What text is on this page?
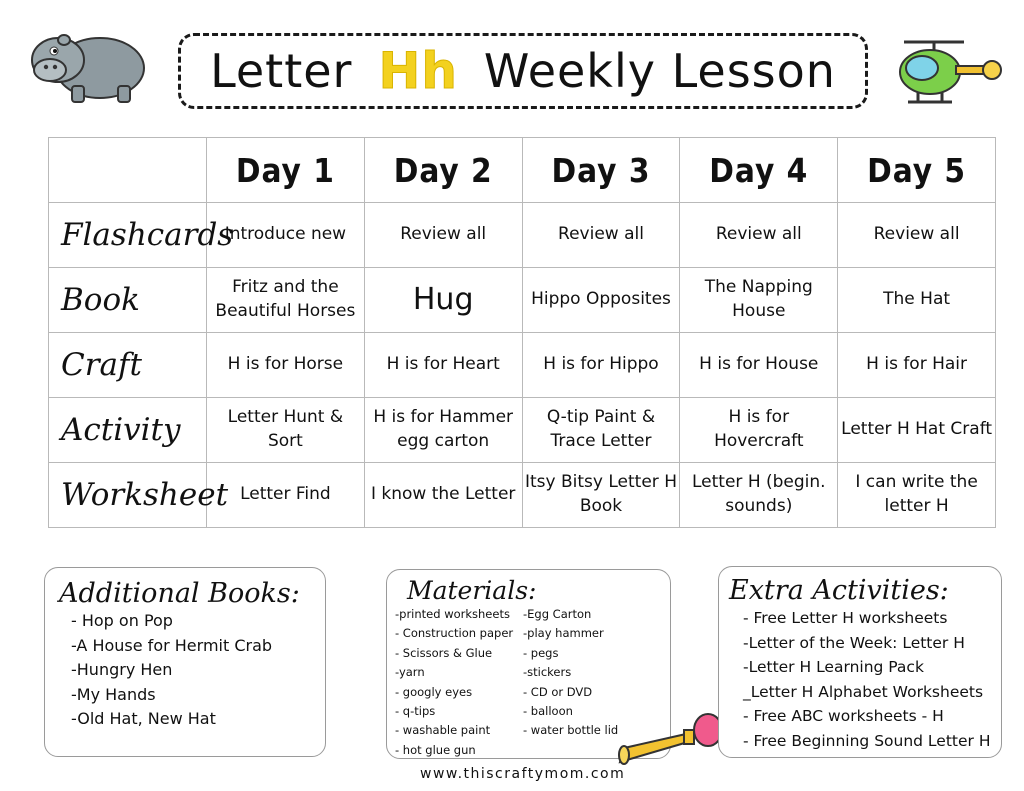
Letter Hh Weekly Lesson
	Day 1	Day 2	Day 3	Day 4	Day 5
Flashcards	Introduce new	Review all	Review all	Review all	Review all
Book	Fritz and the Beautiful Horses	Hug	Hippo Opposites	The Napping House	The Hat
Craft	H is for Horse	H is for Heart	H is for Hippo	H is for House	H is for Hair
Activity	Letter Hunt & Sort	H is for Hammer egg carton	Q-tip Paint & Trace Letter	H is for Hovercraft	Letter H Hat Craft
Worksheet	Letter Find	I know the Letter	Itsy Bitsy Letter H Book	Letter H (begin. sounds)	I can write the letter H
Additional Books:
- Hop on Pop
-A House for Hermit Crab
-Hungry Hen
-My Hands
-Old Hat, New Hat
Materials:
-printed worksheets
- Construction paper
- Scissors & Glue
-yarn
- googly eyes
- q-tips
- washable paint
- hot glue gun
-Egg Carton
-play hammer
- pegs
-stickers
- CD or DVD
- balloon
- water bottle lid
Extra Activities:
- Free Letter H worksheets
-Letter of the Week: Letter H
-Letter H Learning Pack
_Letter H Alphabet Worksheets
- Free ABC worksheets - H
- Free Beginning Sound Letter H
www.thiscraftymom.com
